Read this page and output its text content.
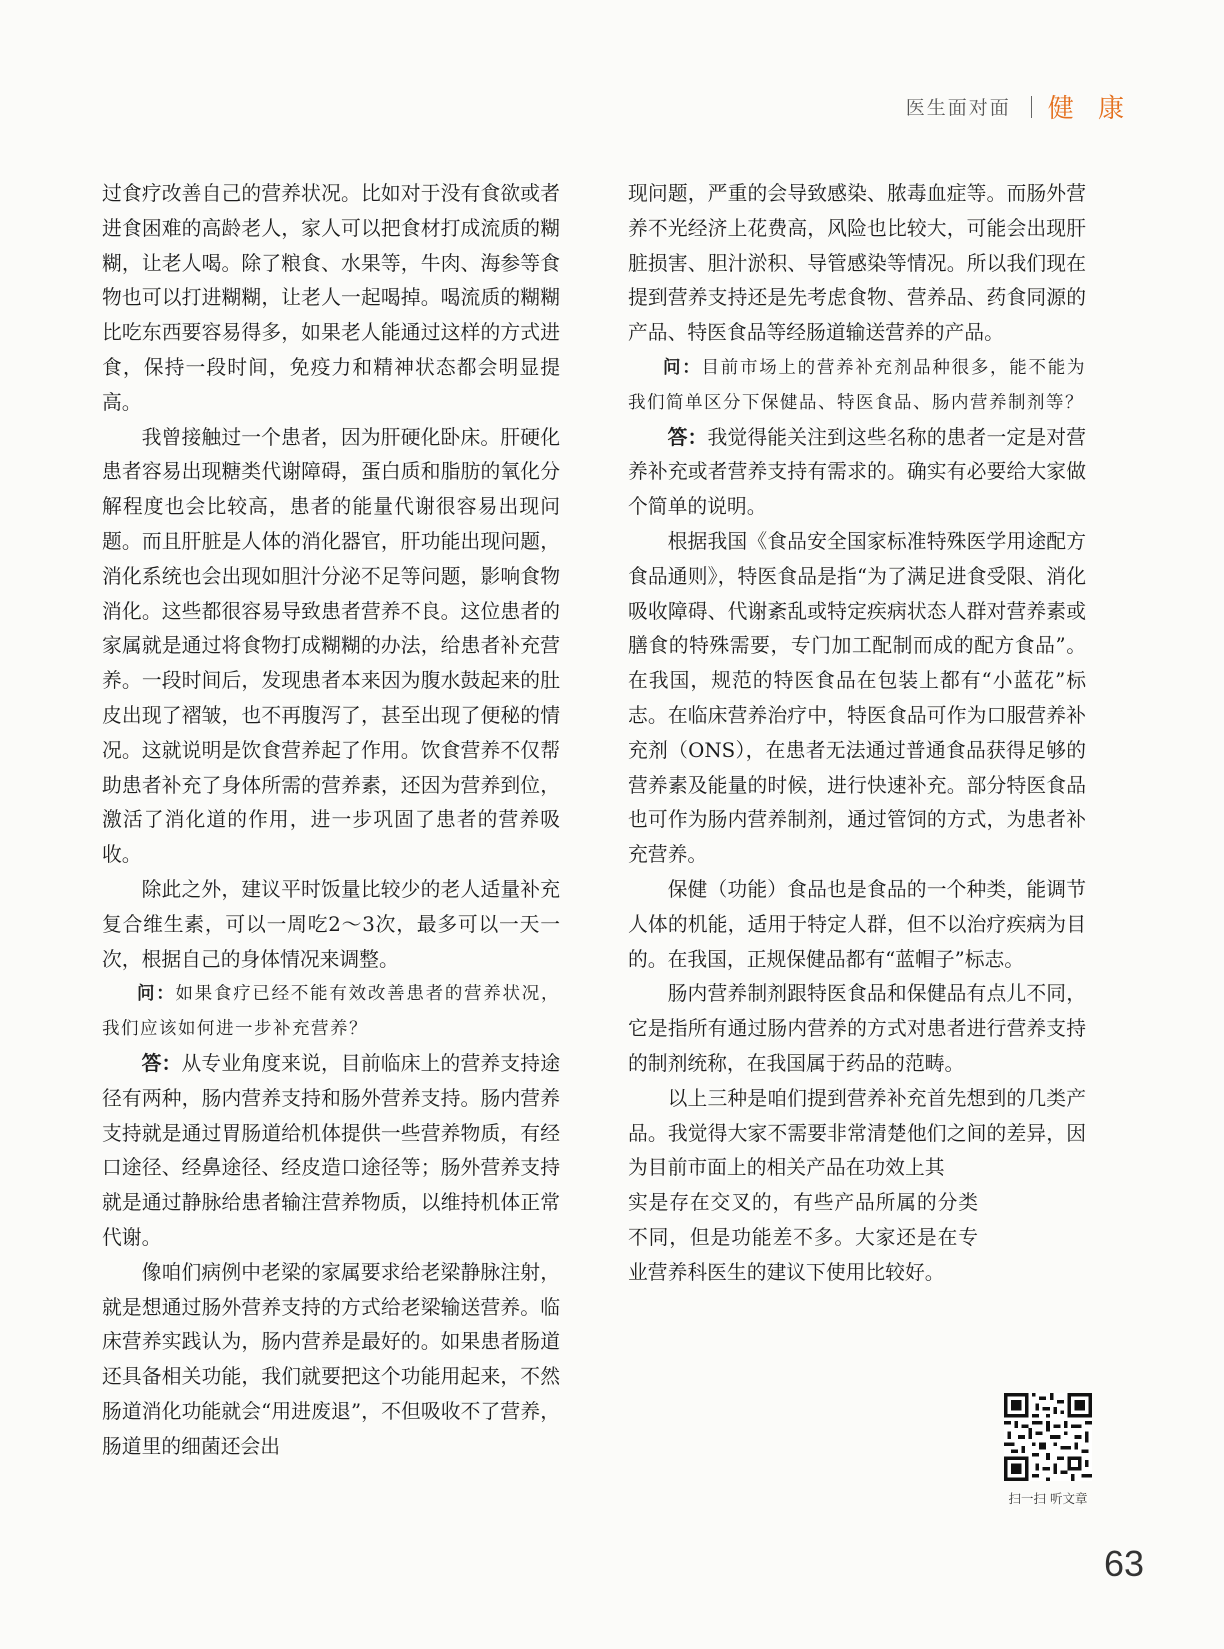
医生面对面 健 康

过食疗改善自己的营养状况。比如对于没有食欲或者进食困难的高龄老人，家人可以把食材打成流质的糊糊，让老人喝。除了粮食、水果等，牛肉、海参等食物也可以打进糊糊，让老人一起喝掉。喝流质的糊糊比吃东西要容易得多，如果老人能通过这样的方式进食，保持一段时间，免疫力和精神状态都会明显提高。

我曾接触过一个患者，因为肝硬化卧床。肝硬化患者容易出现糖类代谢障碍，蛋白质和脂肪的氧化分解程度也会比较高，患者的能量代谢很容易出现问题。而且肝脏是人体的消化器官，肝功能出现问题，消化系统也会出现如胆汁分泌不足等问题，影响食物消化。这些都很容易导致患者营养不良。这位患者的家属就是通过将食物打成糊糊的办法，给患者补充营养。一段时间后，发现患者本来因为腹水鼓起来的肚皮出现了褶皱，也不再腹泻了，甚至出现了便秘的情况。这就说明是饮食营养起了作用。饮食营养不仅帮助患者补充了身体所需的营养素，还因为营养到位，激活了消化道的作用，进一步巩固了患者的营养吸收。

除此之外，建议平时饭量比较少的老人适量补充复合维生素，可以一周吃2～3次，最多可以一天一次，根据自己的身体情况来调整。

问：如果食疗已经不能有效改善患者的营养状况，我们应该如何进一步补充营养？

答：从专业角度来说，目前临床上的营养支持途径有两种，肠内营养支持和肠外营养支持。肠内营养支持就是通过胃肠道给机体提供一些营养物质，有经口途径、经鼻途径、经皮造口途径等；肠外营养支持就是通过静脉给患者输注营养物质，以维持机体正常代谢。

像咱们病例中老梁的家属要求给老梁静脉注射，就是想通过肠外营养支持的方式给老梁输送营养。临床营养实践认为，肠内营养是最好的。如果患者肠道还具备相关功能，我们就要把这个功能用起来，不然肠道消化功能就会“用进废退”，不但吸收不了营养，肠道里的细菌还会出

现问题，严重的会导致感染、脓毒血症等。而肠外营养不光经济上花费高，风险也比较大，可能会出现肝脏损害、胆汁淤积、导管感染等情况。所以我们现在提到营养支持还是先考虑食物、营养品、药食同源的产品、特医食品等经肠道输送营养的产品。

问：目前市场上的营养补充剂品种很多，能不能为我们简单区分下保健品、特医食品、肠内营养制剂等？

答：我觉得能关注到这些名称的患者一定是对营养补充或者营养支持有需求的。确实有必要给大家做个简单的说明。

根据我国《食品安全国家标准特殊医学用途配方食品通则》，特医食品是指“为了满足进食受限、消化吸收障碍、代谢紊乱或特定疾病状态人群对营养素或膳食的特殊需要，专门加工配制而成的配方食品”。在我国，规范的特医食品在包装上都有“小蓝花”标志。在临床营养治疗中，特医食品可作为口服营养补充剂（ONS），在患者无法通过普通食品获得足够的营养素及能量的时候，进行快速补充。部分特医食品也可作为肠内营养制剂，通过管饲的方式，为患者补充营养。

保健（功能）食品也是食品的一个种类，能调节人体的机能，适用于特定人群，但不以治疗疾病为目的。在我国，正规保健品都有“蓝帽子”标志。

肠内营养制剂跟特医食品和保健品有点儿不同，它是指所有通过肠内营养的方式对患者进行营养支持的制剂统称，在我国属于药品的范畴。

以上三种是咱们提到营养补充首先想到的几类产品。我觉得大家不需要非常清楚他们之间的差异，因为目前市面上的相关产品在功效上其

实是存在交叉的，有些产品所属的分类不同，但是功能差不多。大家还是在专业营养科医生的建议下使用比较好。

扫一扫 听文章
63
